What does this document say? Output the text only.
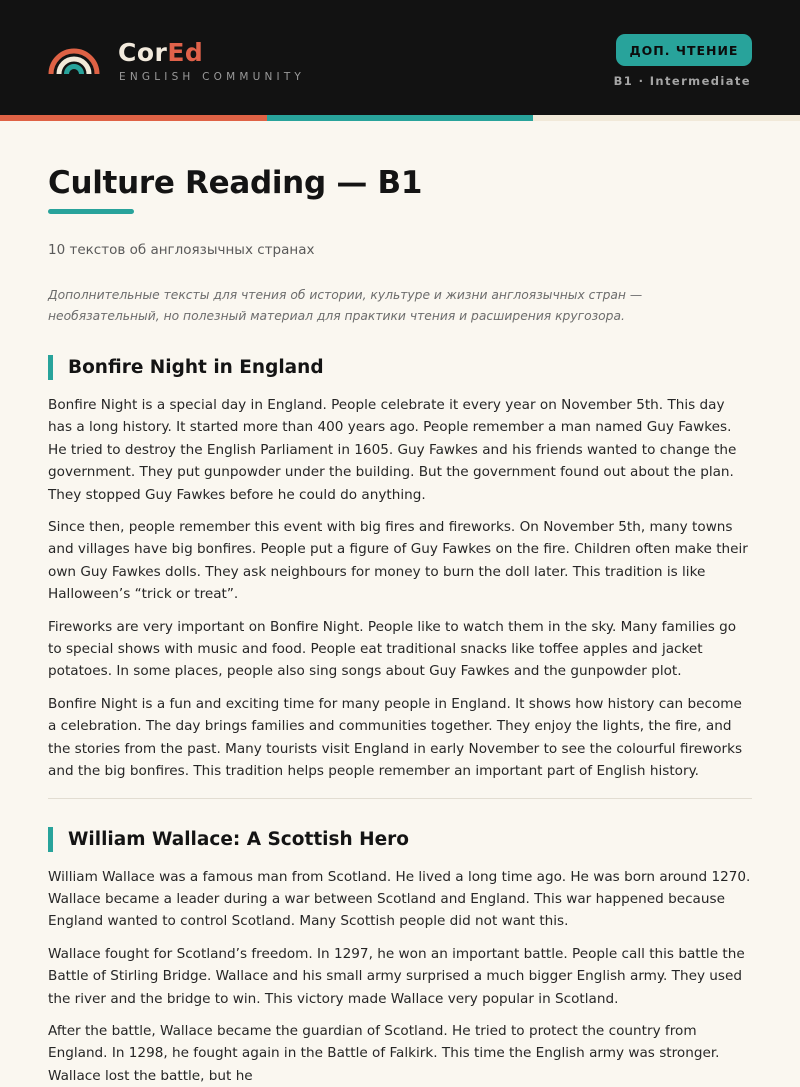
CorEd
ENGLISH COMMUNITY
ДОП. ЧТЕНИЕ
B1 · Intermediate
Culture Reading — B1
10 текстов об англоязычных странах
Дополнительные тексты для чтения об истории, культуре и жизни англоязычных стран — необязательный, но полезный материал для практики чтения и расширения кругозора.
Bonfire Night in England

Bonfire Night is a special day in England. People celebrate it every year on November 5th. This day has a long history. It started more than 400 years ago. People remember a man named Guy Fawkes. He tried to destroy the English Parliament in 1605. Guy Fawkes and his friends wanted to change the government. They put gunpowder under the building. But the government found out about the plan. They stopped Guy Fawkes before he could do anything.

Since then, people remember this event with big fires and fireworks. On November 5th, many towns and villages have big bonfires. People put a figure of Guy Fawkes on the fire. Children often make their own Guy Fawkes dolls. They ask neighbours for money to burn the doll later. This tradition is like Halloween’s “trick or treat”.

Fireworks are very important on Bonfire Night. People like to watch them in the sky. Many families go to special shows with music and food. People eat traditional snacks like toffee apples and jacket potatoes. In some places, people also sing songs about Guy Fawkes and the gunpowder plot.

Bonfire Night is a fun and exciting time for many people in England. It shows how history can become a celebration. The day brings families and communities together. They enjoy the lights, the fire, and the stories from the past. Many tourists visit England in early November to see the colourful fireworks and the big bonfires. This tradition helps people remember an important part of English history.

William Wallace: A Scottish Hero

William Wallace was a famous man from Scotland. He lived a long time ago. He was born around 1270. Wallace became a leader during a war between Scotland and England. This war happened because England wanted to control Scotland. Many Scottish people did not want this.

Wallace fought for Scotland’s freedom. In 1297, he won an important battle. People call this battle the Battle of Stirling Bridge. Wallace and his small army surprised a much bigger English army. They used the river and the bridge to win. This victory made Wallace very popular in Scotland.

After the battle, Wallace became the guardian of Scotland. He tried to protect the country from England. In 1298, he fought again in the Battle of Falkirk. This time the English army was stronger. Wallace lost the battle, but he
